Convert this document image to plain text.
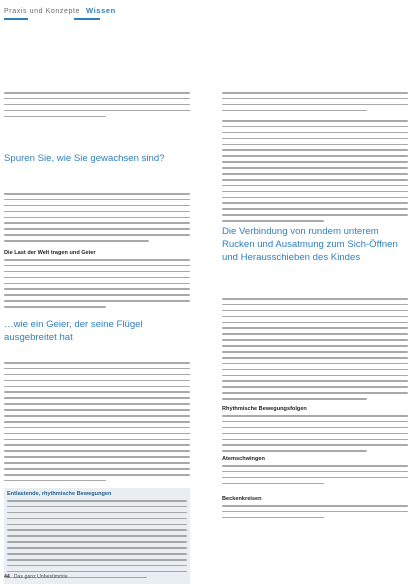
Praxis und Konzepte Wissen
Spuren Sie, wie Sie gewachsen sind?
Die Last der Welt tragen und Geier
…wie ein Geier, der seine Flügel ausgebreitet hat
Entlastende, rhythmische Bewegungen
Die Verbindung von rundem unterem Rucken und Ausatmung zum Sich-Öffnen und Herausschieben des Kindes
Rhythmische Bewegungsfolgen
Atemschwingen
Beckenkreisen
44 Das ganz Unbestimmte
